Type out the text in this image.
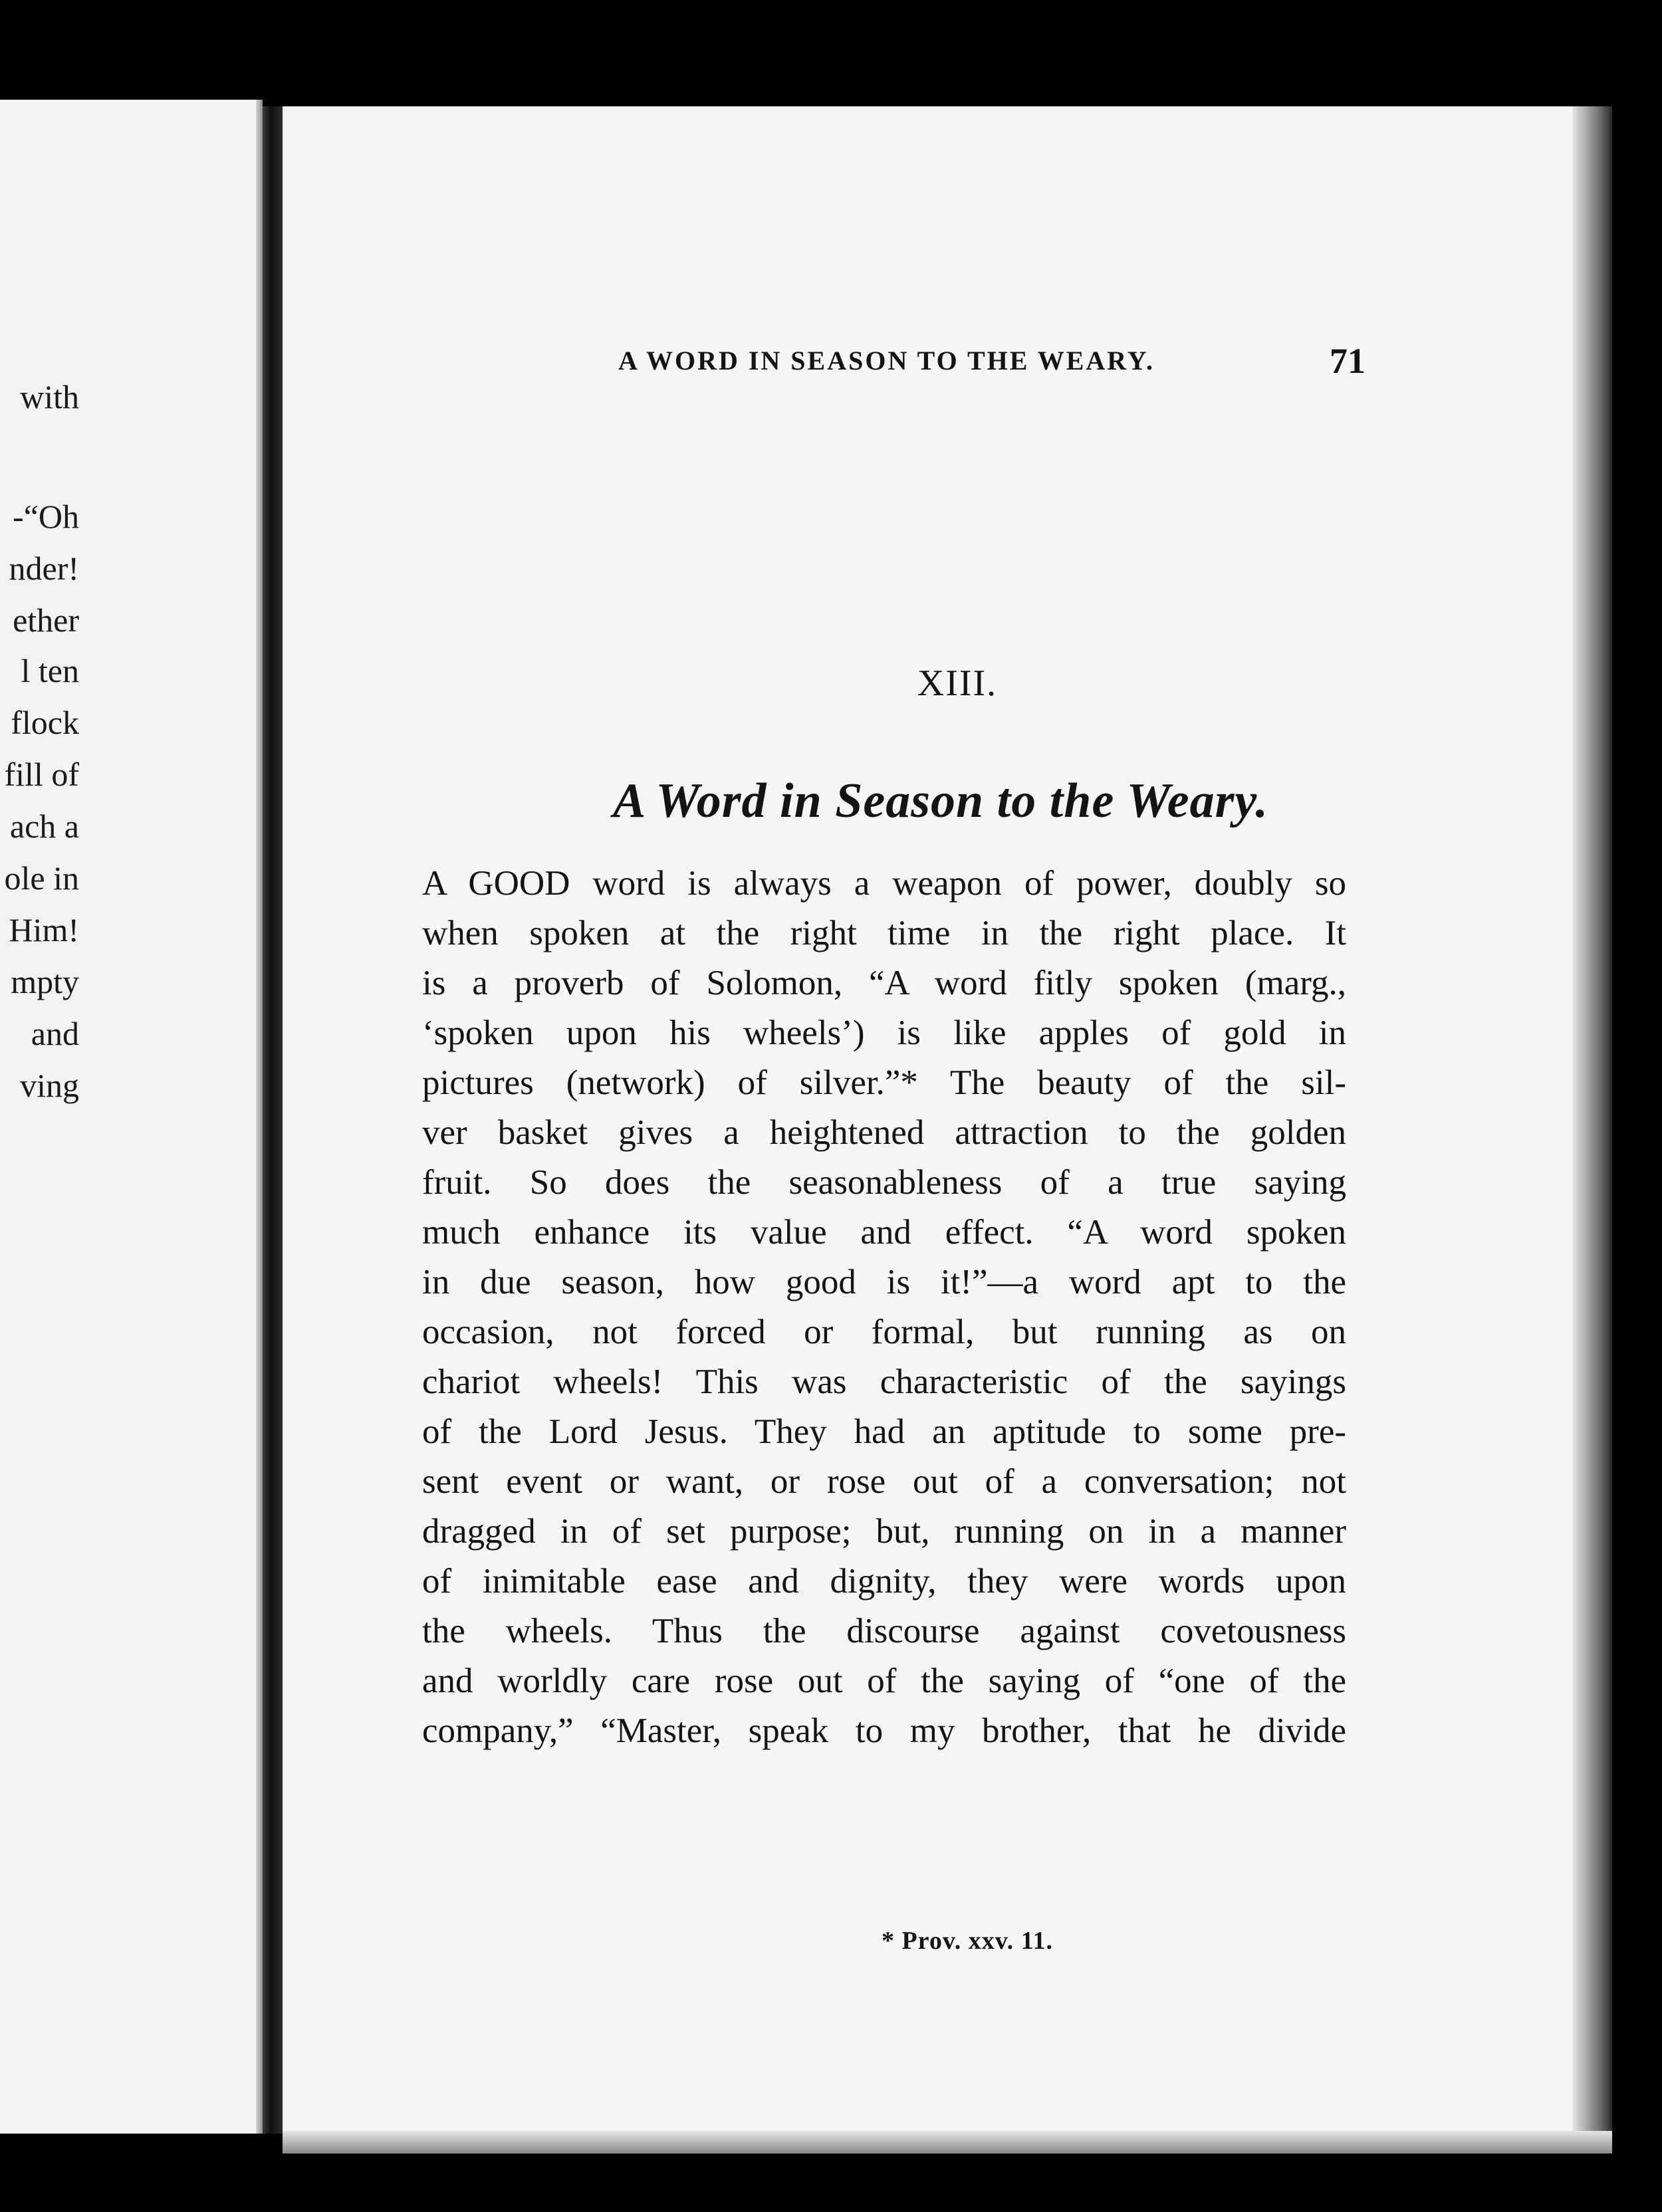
with
-“Oh
nder!
ether
l ten
flock
fill of
ach a
ole in
Him!
mpty
and
ving
A WORD IN SEASON TO THE WEARY.	71
XIII.
A Word in Season to the Weary.
A GOOD word is always a weapon of power, doubly so
when spoken at the right time in the right place. It
is a proverb of Solomon, “A word fitly spoken (marg.,
‘spoken upon his wheels’) is like apples of gold in
pictures (network) of silver.”* The beauty of the sil-
ver basket gives a heightened attraction to the golden
fruit. So does the seasonableness of a true saying
much enhance its value and effect. “A word spoken
in due season, how good is it!”—a word apt to the
occasion, not forced or formal, but running as on
chariot wheels! This was characteristic of the sayings
of the Lord Jesus. They had an aptitude to some pre-
sent event or want, or rose out of a conversation; not
dragged in of set purpose; but, running on in a manner
of inimitable ease and dignity, they were words upon
the wheels. Thus the discourse against covetousness
and worldly care rose out of the saying of “one of the
company,” “Master, speak to my brother, that he divide
* Prov. xxv. 11.
